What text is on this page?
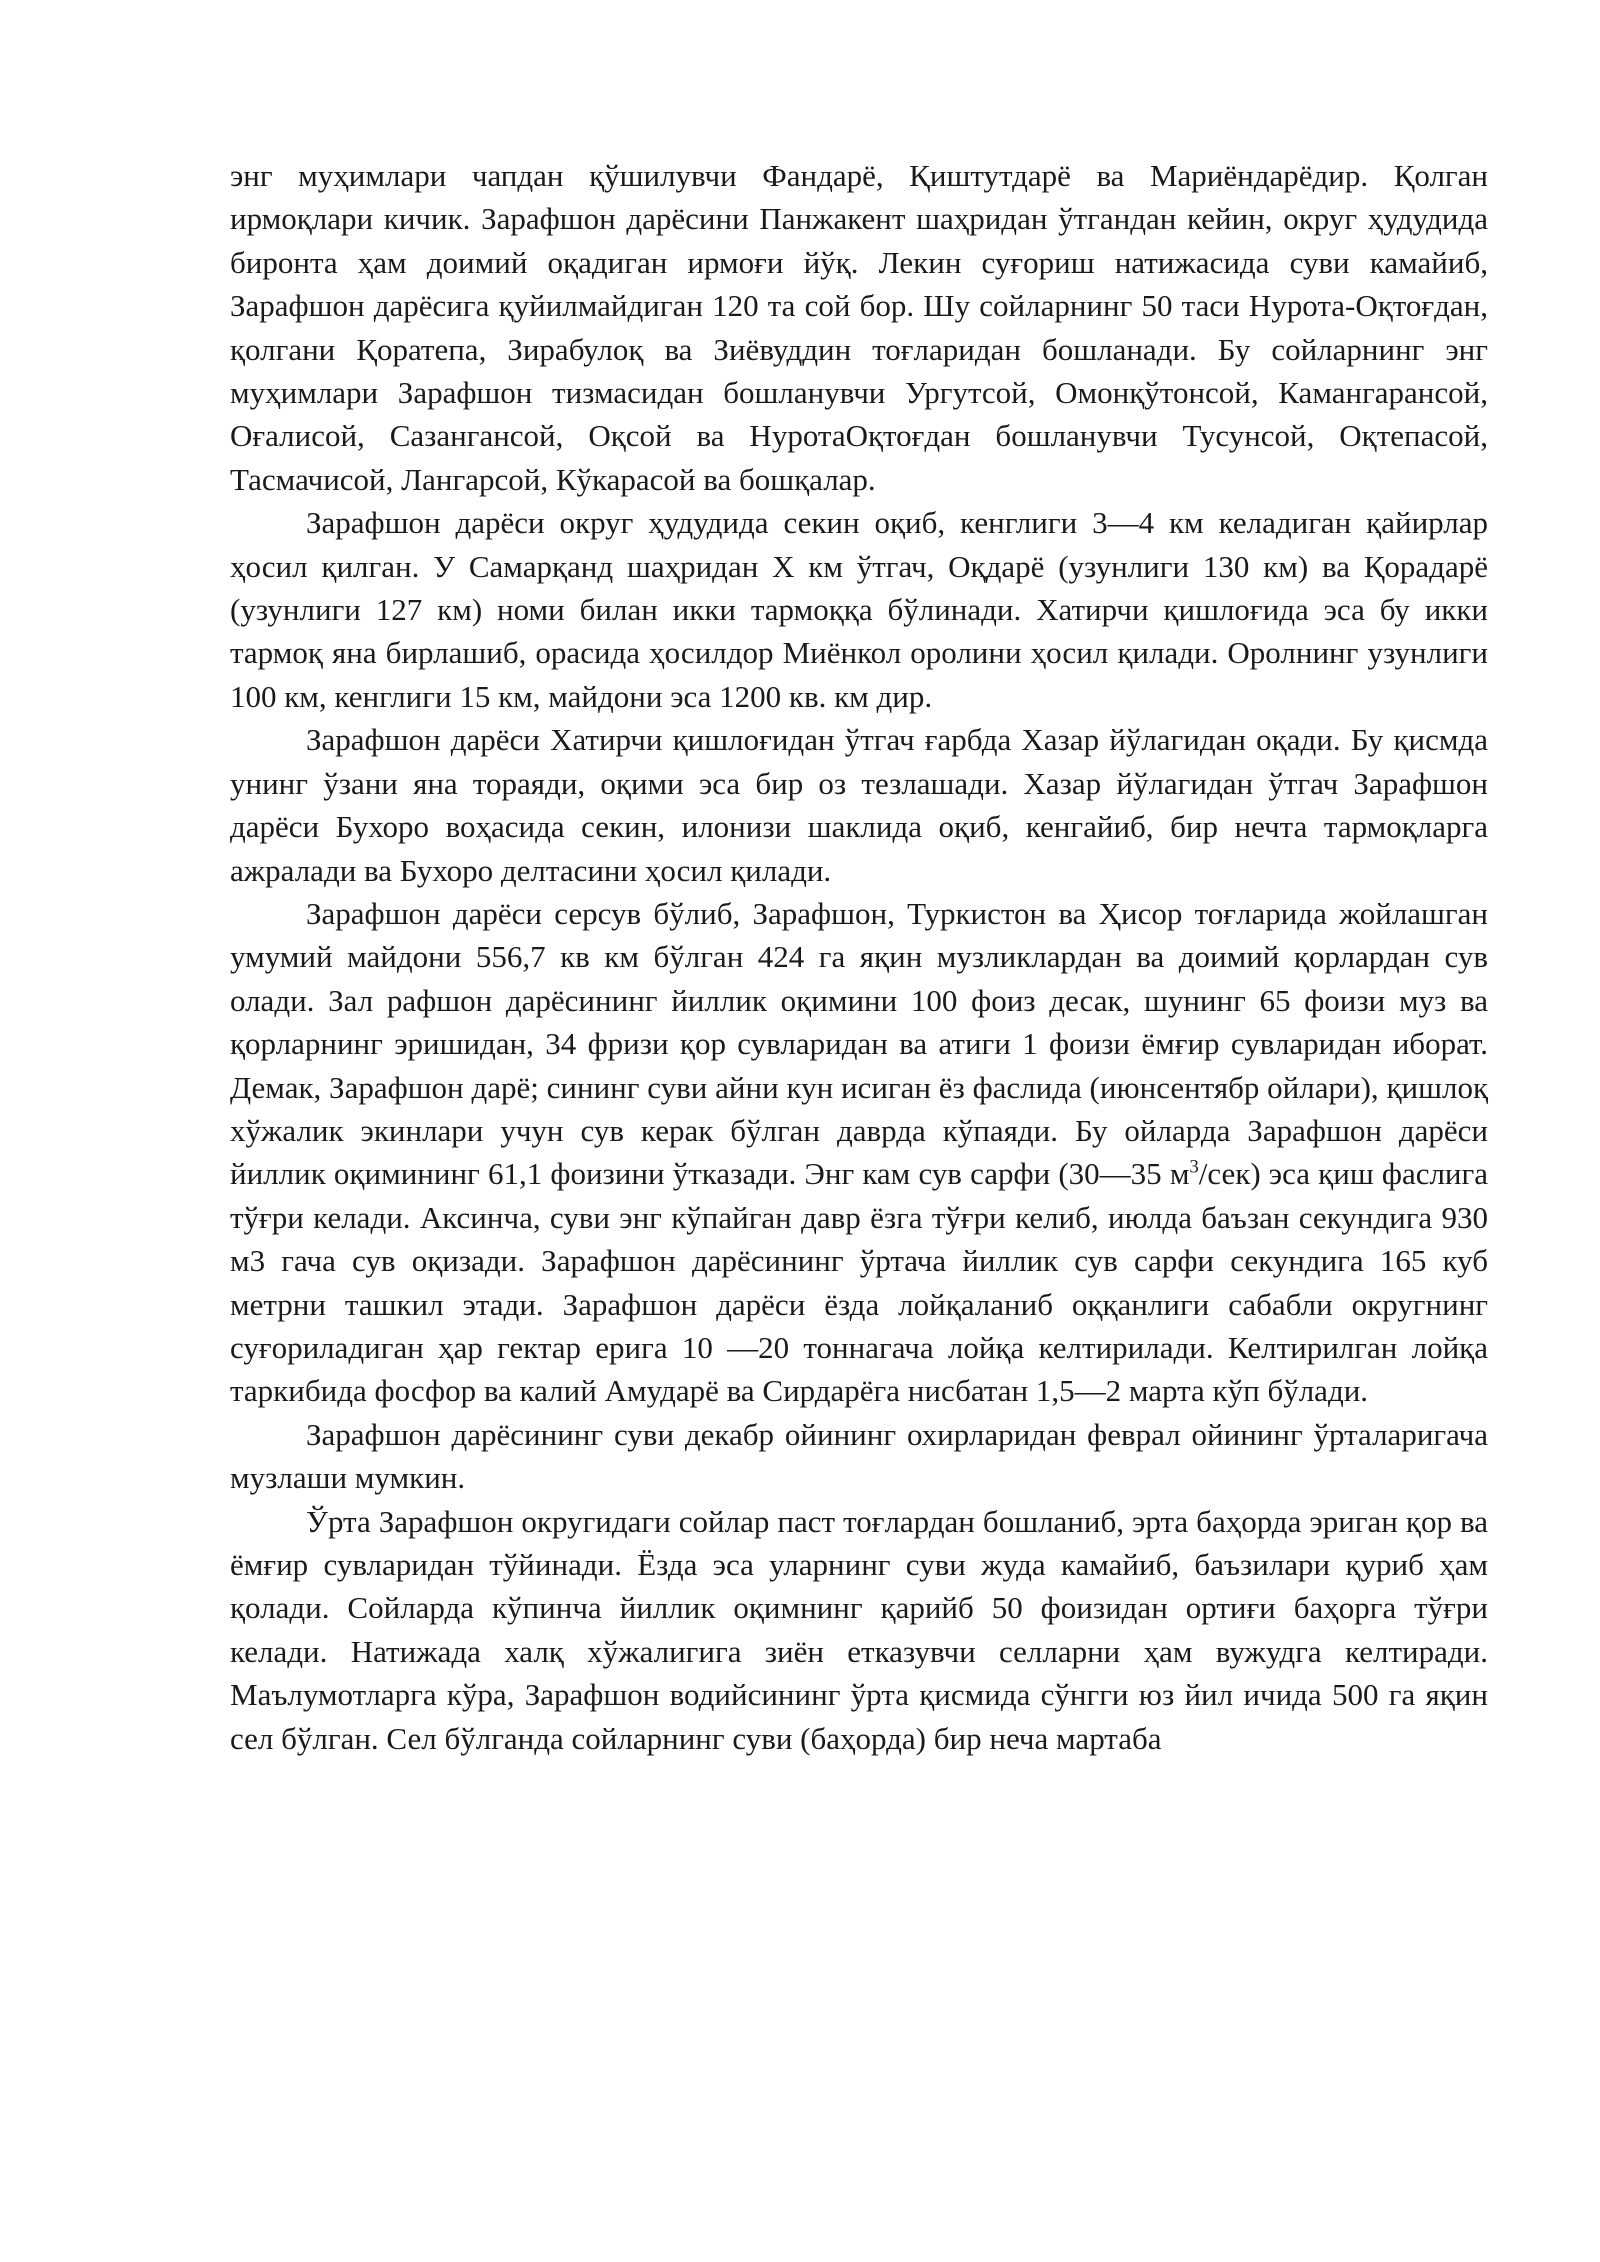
энг муҳимлари чапдан қўшилувчи Фандарё, Қиштутдарё ва Мариёндарёдир. Қолган ирмоқлари кичик. Зарафшон дарёсини Панжакент шаҳридан ўтгандан кейин, округ ҳудудида биронта ҳам доимий оқадиган ирмоғи йўқ. Лекин суғориш натижасида суви камайиб, Зарафшон дарёсига қуйилмайдиган 120 та сой бор. Шу сойларнинг 50 таси Нурота-Оқтоғдан, қолгани Қоратепа, Зирабулоқ ва Зиёвуддин тоғларидан бошланади. Бу сойларнинг энг муҳимлари Зарафшон тизмасидан бошланувчи Ургутсой, Омонқўтонсой, Камангарансой, Оғалисой, Сазангансой, Оқсой ва НуротаОқтоғдан бошланувчи Тусунсой, Оқтепасой, Тасмачисой, Лангарсой, Кўкарасой ва бошқалар.

Зарафшон дарёси округ ҳудудида секин оқиб, кенглиги 3—4 км келадиган қайирлар ҳосил қилган. У Самарқанд шаҳридан X км ўтгач, Оқдарё (узунлиги 130 км) ва Қорадарё (узунлиги 127 км) номи билан икки тармоққа бўлинади. Хатирчи қишлоғида эса бу икки тармоқ яна бирлашиб, орасида ҳосилдор Миёнкол оролини ҳосил қилади. Оролнинг узунлиги 100 км, кенглиги 15 км, майдони эса 1200 кв. км дир.

Зарафшон дарёси Хатирчи қишлоғидан ўтгач ғарбда Хазар йўлагидан оқади. Бу қисмда унинг ўзани яна тораяди, оқими эса бир оз тезлашади. Хазар йўлагидан ўтгач Зарафшон дарёси Бухоро воҳасида секин, илонизи шаклида оқиб, кенгайиб, бир нечта тармоқларга ажралади ва Бухоро делтасини ҳосил қилади.

Зарафшон дарёси серсув бўлиб, Зарафшон, Туркистон ва Ҳисор тоғларида жойлашган умумий майдони 556,7 кв км бўлган 424 га яқин музликлардан ва доимий қорлардан сув олади. Зал рафшон дарёсининг йиллик оқимини 100 фоиз десак, шунинг 65 фоизи муз ва қорларнинг эришидан, 34 фризи қор сувларидан ва атиги 1 фоизи ёмғир сувларидан иборат. Демак, Зарафшон дарё; сининг суви айни кун исиган ёз фаслида (июнсентябр ойлари), қишлоқ хўжалик экинлари учун сув керак бўлган даврда кўпаяди. Бу ойларда Зарафшон дарёси йиллик оқимининг 61,1 фоизини ўтказади. Энг кам сув сарфи (30—35 $м^3/сек$) эса қиш фаслига тўғри келади. Аксинча, суви энг кўпайган давр ёзга тўғри келиб, июлда баъзан секундига 930 м3 гача сув оқизади. Зарафшон дарёсининг ўртача йиллик сув сарфи секундига 165 куб метрни ташкил этади. Зарафшон дарёси ёзда лойқаланиб оққанлиги сабабли округнинг суғориладиган ҳар гектар ерига 10 —20 тоннагача лойқа келтирилади. Келтирилган лойқа таркибида фосфор ва калий Амударё ва Сирдарёга нисбатан 1,5—2 марта кўп бўлади.

Зарафшон дарёсининг суви декабр ойининг охирларидан феврал ойининг ўрталаригача музлаши мумкин.

Ўрта Зарафшон округидаги сойлар паст тоғлардан бошланиб, эрта баҳорда эриган қор ва ёмғир сувларидан тўйинади. Ёзда эса уларнинг суви жуда камайиб, баъзилари қуриб ҳам қолади. Сойларда кўпинча йиллик оқимнинг қарийб 50 фоизидан ортиғи баҳорга тўғри келади. Натижада халқ хўжалигига зиён етказувчи селларни ҳам вужудга келтиради. Маълумотларга кўра, Зарафшон водийсининг ўрта қисмида сўнгги юз йил ичида 500 га яқин сел бўлган. Сел бўлганда сойларнинг суви (баҳорда) бир неча мартаба
